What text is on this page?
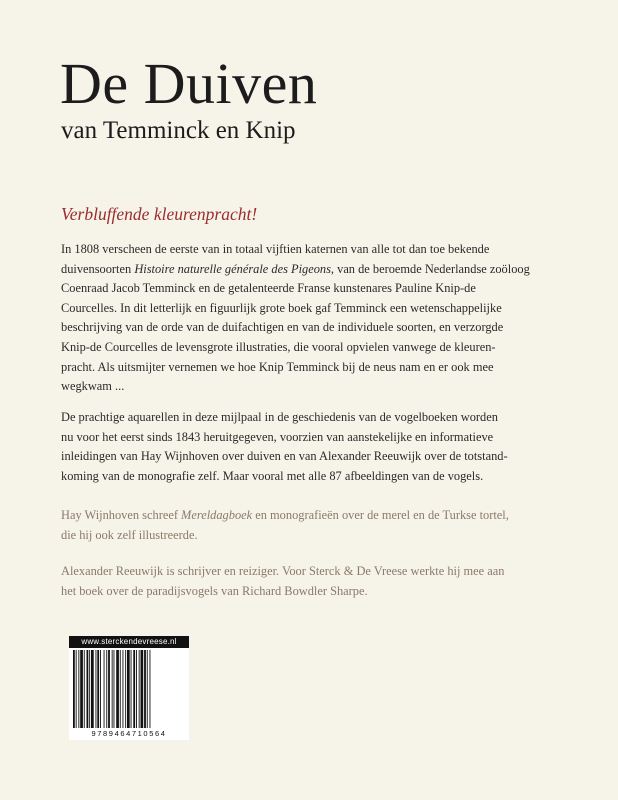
De Duiven
van Temminck en Knip

Verbluffende kleurenpracht!

In 1808 verscheen de eerste van in totaal vijftien katernen van alle tot dan toe bekende
duivensoorten Histoire naturelle générale des Pigeons, van de beroemde Nederlandse zoöloog
Coenraad Jacob Temminck en de getalenteerde Franse kunstenares Pauline Knip-de
Courcelles. In dit letterlijk en figuurlijk grote boek gaf Temminck een wetenschappelijke
beschrijving van de orde van de duifachtigen en van de individuele soorten, en verzorgde
Knip-de Courcelles de levensgrote illustraties, die vooral opvielen vanwege de kleuren-
pracht. Als uitsmijter vernemen we hoe Knip Temminck bij de neus nam en er ook mee
wegkwam ...

De prachtige aquarellen in deze mijlpaal in de geschiedenis van de vogelboeken worden
nu voor het eerst sinds 1843 heruitgegeven, voorzien van aanstekelijke en informatieve
inleidingen van Hay Wijnhoven over duiven en van Alexander Reeuwijk over de totstand-
koming van de monografie zelf. Maar vooral met alle 87 afbeeldingen van de vogels.

Hay Wijnhoven schreef Mereldagboek en monografieën over de merel en de Turkse tortel,
die hij ook zelf illustreerde.

Alexander Reeuwijk is schrijver en reiziger. Voor Sterck & De Vreese werkte hij mee aan
het boek over de paradijsvogels van Richard Bowdler Sharpe.

www.sterckendevreese.nl
9789464710564
